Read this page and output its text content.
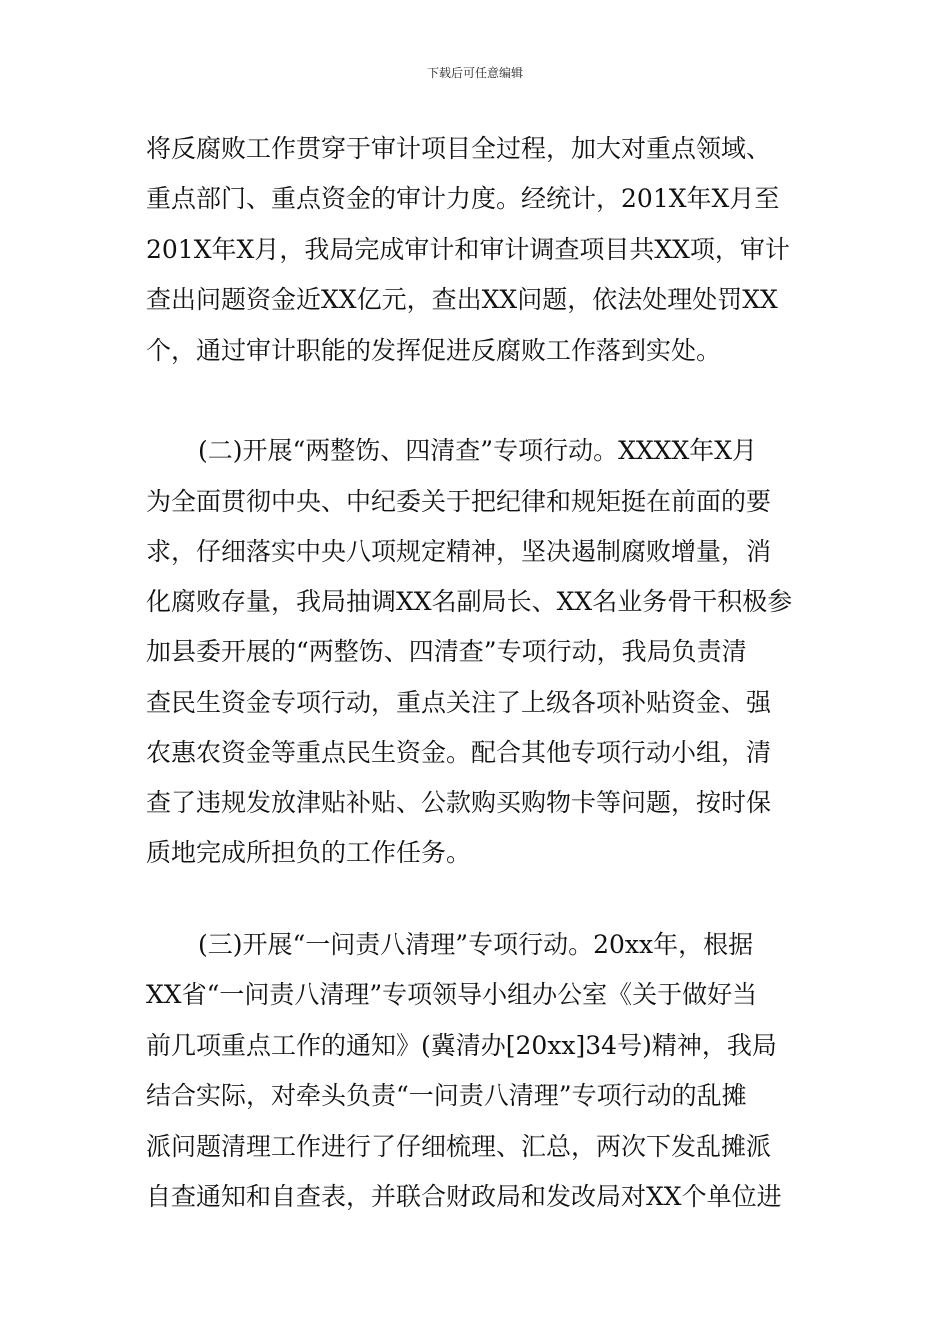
下载后可任意编辑
将反腐败工作贯穿于审计项目全过程，加大对重点领域、
重点部门、重点资金的审计力度。经统计，201X年X月至
201X年X月，我局完成审计和审计调查项目共XX项，审计
查出问题资金近XX亿元，查出XX问题，依法处理处罚XX
个，通过审计职能的发挥促进反腐败工作落到实处。
(二)开展“两整饬、四清查”专项行动。XXXX年X月
为全面贯彻中央、中纪委关于把纪律和规矩挺在前面的要
求，仔细落实中央八项规定精神，坚决遏制腐败增量，消
化腐败存量，我局抽调XX名副局长、XX名业务骨干积极参
加县委开展的“两整饬、四清查”专项行动，我局负责清
查民生资金专项行动，重点关注了上级各项补贴资金、强
农惠农资金等重点民生资金。配合其他专项行动小组，清
查了违规发放津贴补贴、公款购买购物卡等问题，按时保
质地完成所担负的工作任务。
(三)开展“一问责八清理”专项行动。20xx年，根据
XX省“一问责八清理”专项领导小组办公室《关于做好当
前几项重点工作的通知》(冀清办[20xx]34号)精神，我局
结合实际，对牵头负责“一问责八清理”专项行动的乱摊
派问题清理工作进行了仔细梳理、汇总，两次下发乱摊派
自查通知和自查表，并联合财政局和发改局对XX个单位进
